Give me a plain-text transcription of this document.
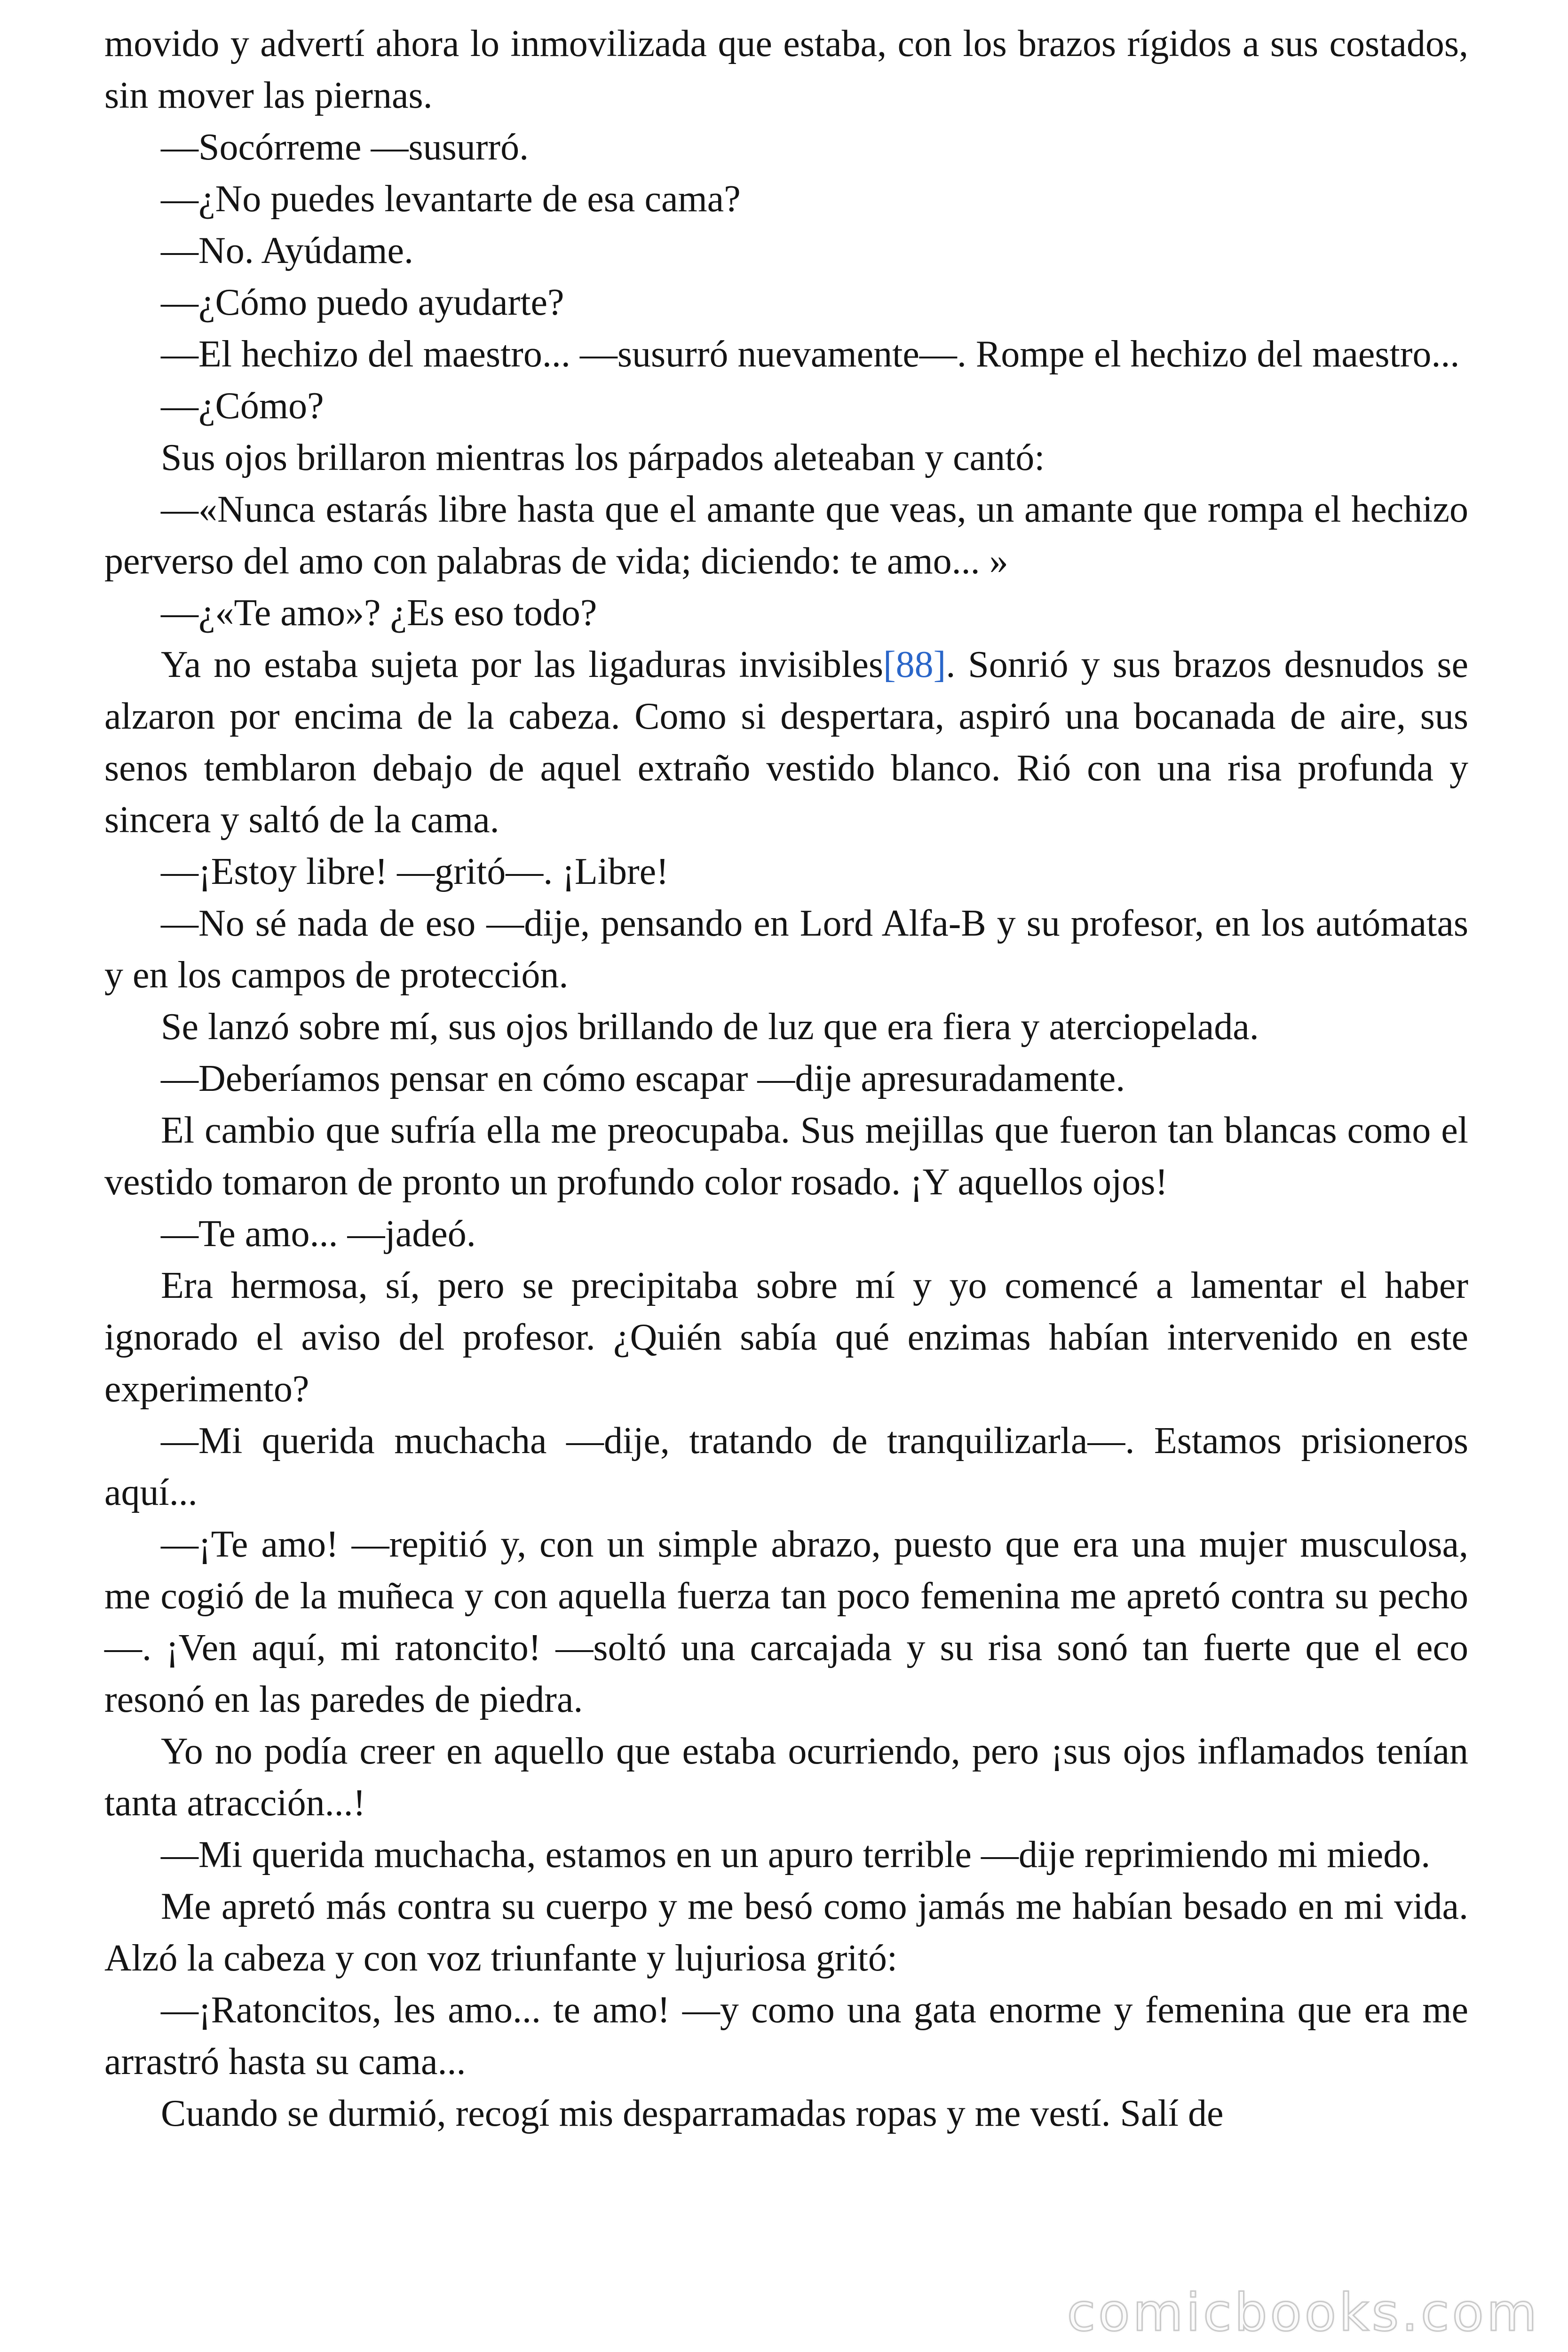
movido y advertí ahora lo inmovilizada que estaba, con los brazos rígidos a sus costados, sin mover las piernas.

—Socórreme —susurró.

—¿No puedes levantarte de esa cama?

—No. Ayúdame.

—¿Cómo puedo ayudarte?

—El hechizo del maestro... —susurró nuevamente—. Rompe el hechizo del maestro...

—¿Cómo?

Sus ojos brillaron mientras los párpados aleteaban y cantó:

—«Nunca estarás libre hasta que el amante que veas, un amante que rompa el hechizo perverso del amo con palabras de vida; diciendo: te amo... »

—¿«Te amo»? ¿Es eso todo?

Ya no estaba sujeta por las ligaduras invisibles[88]. Sonrió y sus brazos desnudos se alzaron por encima de la cabeza. Como si despertara, aspiró una bocanada de aire, sus senos temblaron debajo de aquel extraño vestido blanco. Rió con una risa profunda y sincera y saltó de la cama.

—¡Estoy libre! —gritó—. ¡Libre!

—No sé nada de eso —dije, pensando en Lord Alfa-B y su profesor, en los autómatas y en los campos de protección.

Se lanzó sobre mí, sus ojos brillando de luz que era fiera y aterciopelada.

—Deberíamos pensar en cómo escapar —dije apresuradamente.

El cambio que sufría ella me preocupaba. Sus mejillas que fueron tan blancas como el vestido tomaron de pronto un profundo color rosado. ¡Y aquellos ojos!

—Te amo... —jadeó.

Era hermosa, sí, pero se precipitaba sobre mí y yo comencé a lamentar el haber ignorado el aviso del profesor. ¿Quién sabía qué enzimas habían intervenido en este experimento?

—Mi querida muchacha —dije, tratando de tranquilizarla—. Estamos prisioneros aquí...

—¡Te amo! —repitió y, con un simple abrazo, puesto que era una mujer musculosa, me cogió de la muñeca y con aquella fuerza tan poco femenina me apretó contra su pecho—. ¡Ven aquí, mi ratoncito! —soltó una carcajada y su risa sonó tan fuerte que el eco resonó en las paredes de piedra.

Yo no podía creer en aquello que estaba ocurriendo, pero ¡sus ojos inflamados tenían tanta atracción...!

—Mi querida muchacha, estamos en un apuro terrible —dije reprimiendo mi miedo.

Me apretó más contra su cuerpo y me besó como jamás me habían besado en mi vida. Alzó la cabeza y con voz triunfante y lujuriosa gritó:

—¡Ratoncitos, les amo... te amo! —y como una gata enorme y femenina que era me arrastró hasta su cama...

Cuando se durmió, recogí mis desparramadas ropas y me vestí. Salí de

comicbooks.com
